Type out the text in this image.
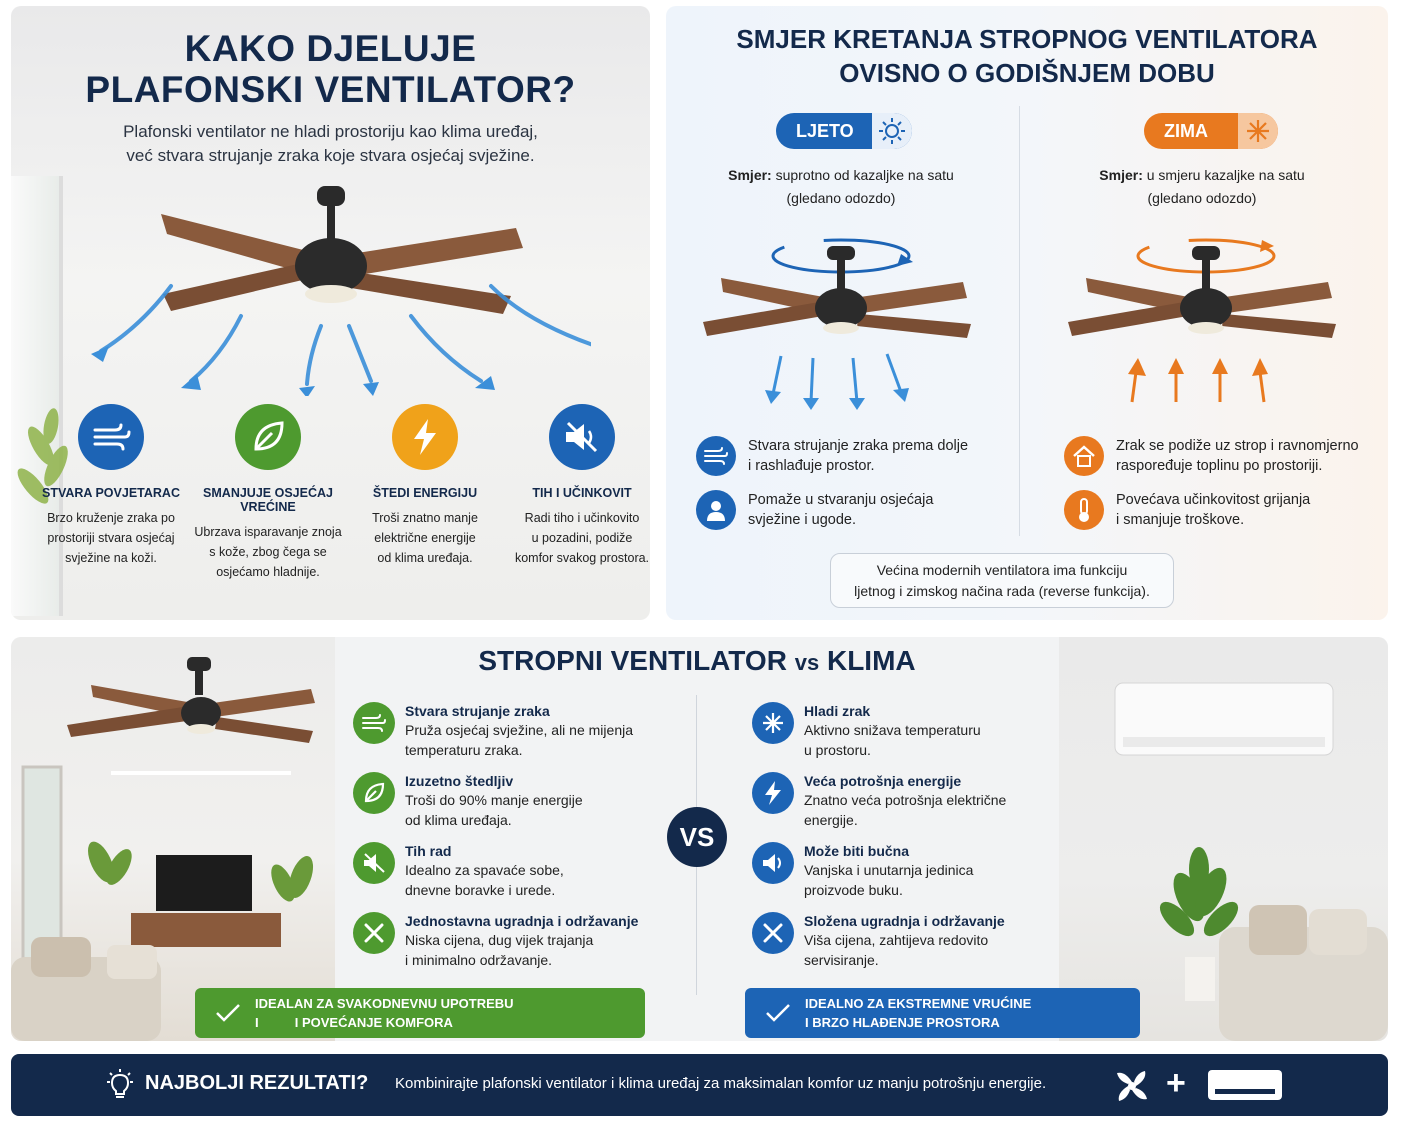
KAKO DJELUJE
PLAFONSKI VENTILATOR?
Plafonski ventilator ne hladi prostoriju kao klima uređaj,
već stvara strujanje zraka koje stvara osjećaj svježine.
STVARA POVJETARAC
Brzo kruženje zraka po
prostoriji stvara osjećaj
svježine na koži.
SMANJUJE OSJEĆAJ VREĆINE
Ubrzava isparavanje znoja
s kože, zbog čega se
osjećamo hladnije.
ŠTEDI ENERGIJU
Troši znatno manje
električne energije
od klima uređaja.
TIH I UČINKOVIT
Radi tiho i učinkovito
u pozadini, podiže
komfor svakog prostora.
SMJER KRETANJA STROPNOG VENTILATORA
OVISNO O GODIŠNJEM DOBU
LJETO
Smjer: suprotno od kazaljke na satu
(gledano odozdo)
Stvara strujanje zraka prema dolje
i rashlađuje prostor.
Pomaže u stvaranju osjećaja
svježine i ugode.
ZIMA
Smjer: u smjeru kazaljke na satu
(gledano odozdo)
Zrak se podiže uz strop i ravnomjerno
raspoređuje toplinu po prostoriji.
Povećava učinkovitost grijanja
i smanjuje troškove.
Većina modernih ventilatora ima funkciju
ljetnog i zimskog načina rada (reverse funkcija).
STROPNI VENTILATOR vs KLIMA
VS
Stvara strujanje zraka
Pruža osjećaj svježine, ali ne mijenja
temperaturu zraka.
Izuzetno štedljiv
Troši do 90% manje energije
od klima uređaja.
Tih rad
Idealno za spavaće sobe,
dnevne boravke i urede.
Jednostavna ugradnja i održavanje
Niska cijena, dug vijek trajanja
i minimalno održavanje.
Hladi zrak
Aktivno snižava temperaturu
u prostoru.
Veća potrošnja energije
Znatno veća potrošnja električne
energije.
Može biti bučna
Vanjska i unutarnja jedinica
proizvode buku.
Složena ugradnja i održavanje
Viša cijena, zahtijeva redovito
servisiranje.
IDEALAN ZA SVAKODNEVNU UPOTREBU
I          I POVEĆANJE KOMFORA
IDEALNO ZA EKSTREMNE VRUĆINE
I BRZO HLAĐENJE PROSTORA
NAJBOLJI REZULTATI? Kombinirajte plafonski ventilator i klima uređaj za maksimalan komfor uz manju potrošnju energije.	+
